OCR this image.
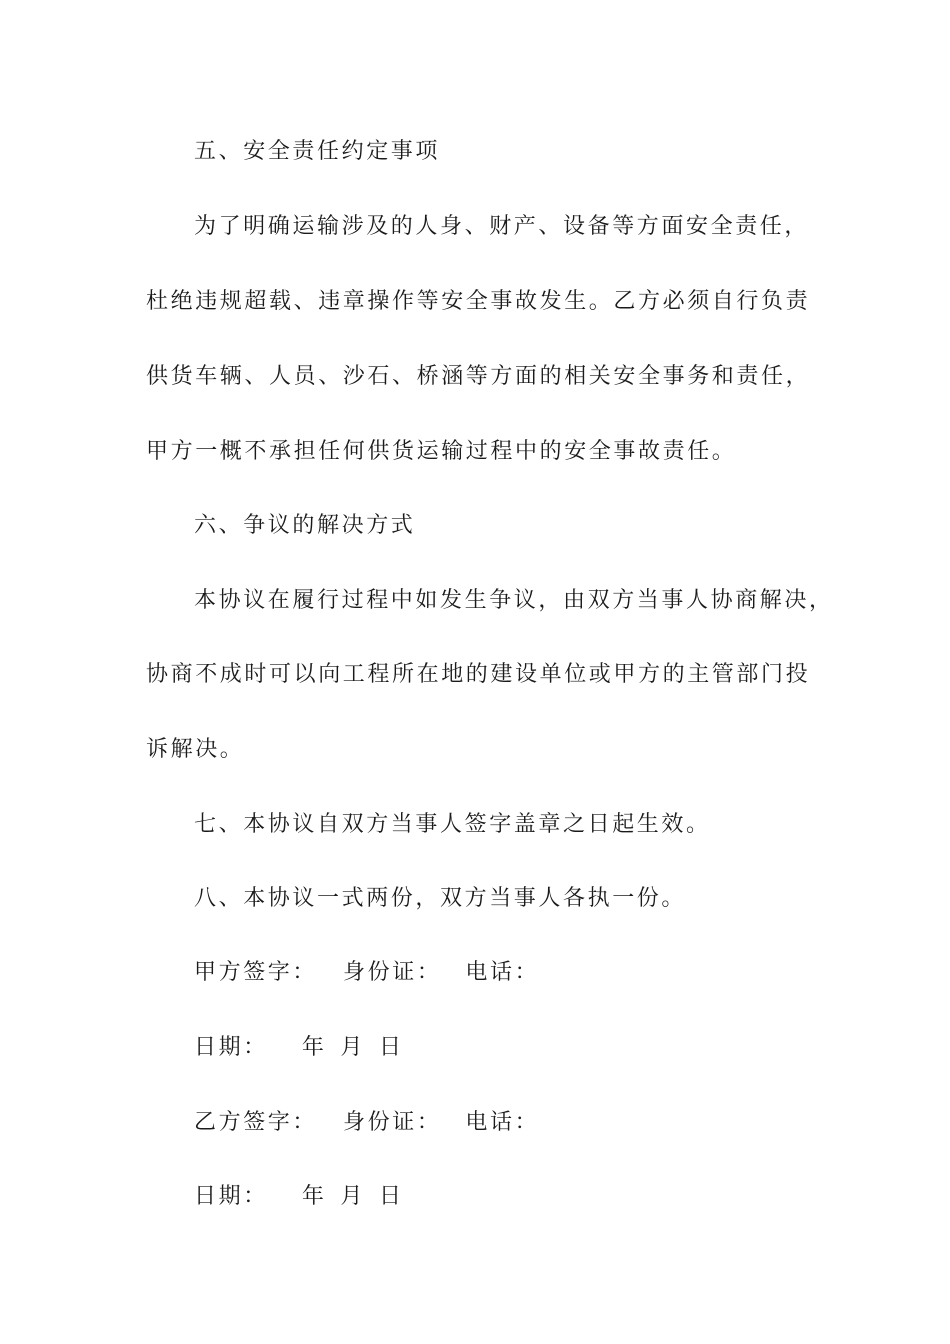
五、安全责任约定事项
为了明确运输涉及的人身、财产、设备等方面安全责任，
杜绝违规超载、违章操作等安全事故发生。乙方必须自行负责
供货车辆、人员、沙石、桥涵等方面的相关安全事务和责任，
甲方一概不承担任何供货运输过程中的安全事故责任。
六、争议的解决方式
本协议在履行过程中如发生争议，由双方当事人协商解决，
协商不成时可以向工程所在地的建设单位或甲方的主管部门投
诉解决。
七、本协议自双方当事人签字盖章之日起生效。
八、本协议一式两份，双方当事人各执一份。
甲方签字： 身份证： 电话：
日期： 年 月 日
乙方签字： 身份证： 电话：
日期： 年 月 日
